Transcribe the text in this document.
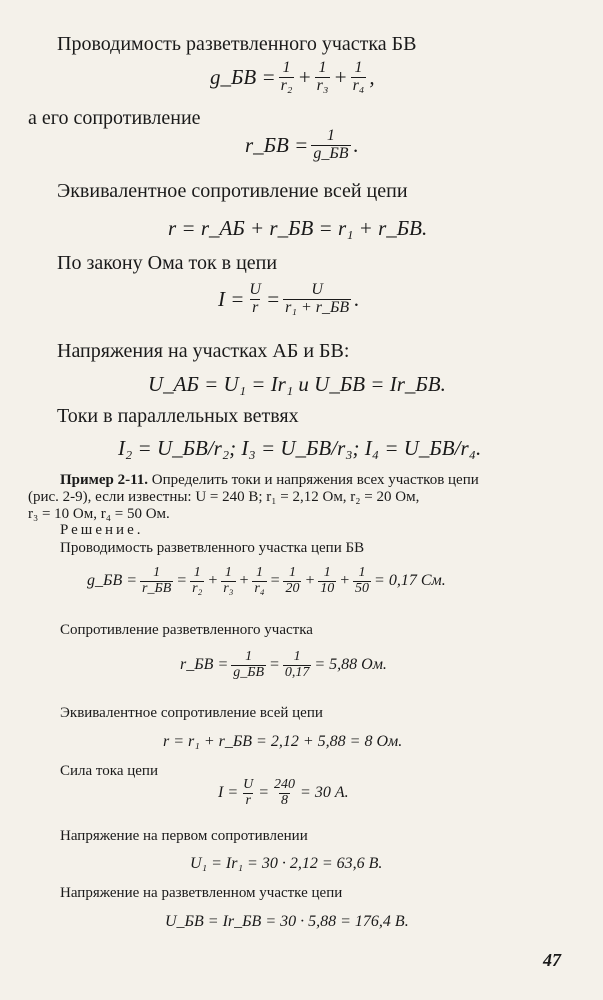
Проводимость разветвленного участка БВ
g_БВ = $\frac{1}{\text{r₂}} + \frac{1}{\text{r₃}} + \frac{1}{\text{r₄}}$ ,
а его сопротивление
r_БВ = $\frac{1}{g\_БВ}$ .
Эквивалентное сопротивление всей цепи
r = r_АБ + r_БВ = r₁ + r_БВ.
По закону Ома ток в цепи
$I = \frac{U}{r} = \frac{U}{\text{r₁ + r\_БВ}}$ .
Напряжения на участках АБ и БВ:
U_АБ = U₁ = Ir₁ и U_БВ = Ir_БВ.
Токи в параллельных ветвях
I₂ = U_БВ/r₂; I₃ = U_БВ/r₃; I₄ = U_БВ/r₄.
Пример 2-11. Определить токи и напряжения всех участков цепи
(рис. 2-9), если известны: U = 240 В; r₁ = 2,12 Ом, r₂ = 20 Ом,
r₃ = 10 Ом, r₄ = 50 Ом.
Решение.
Проводимость разветвленного участка цепи БВ
g_БВ = $\frac{1}{r\_БВ} = \frac{1}{\text{r₂}} + \frac{1}{\text{r₃}} + \frac{1}{\text{r₄}} = \frac{1}{20} + \frac{1}{10} + \frac{1}{50} = 0,17$ См.
Сопротивление разветвленного участка
r_БВ = $\frac{1}{g\_БВ} = \frac{1}{0,17} = 5,88$ Ом.
Эквивалентное сопротивление всей цепи
r = r₁ + r_БВ = 2,12 + 5,88 = 8 Ом.
Сила тока цепи
$I = \frac{U}{r} = \frac{240}{8} = 30$ А.
Напряжение на первом сопротивлении
U₁ = Ir₁ = 30 · 2,12 = 63,6 В.
Напряжение на разветвленном участке цепи
U_БВ = Ir_БВ = 30 · 5,88 = 176,4 В.
47
